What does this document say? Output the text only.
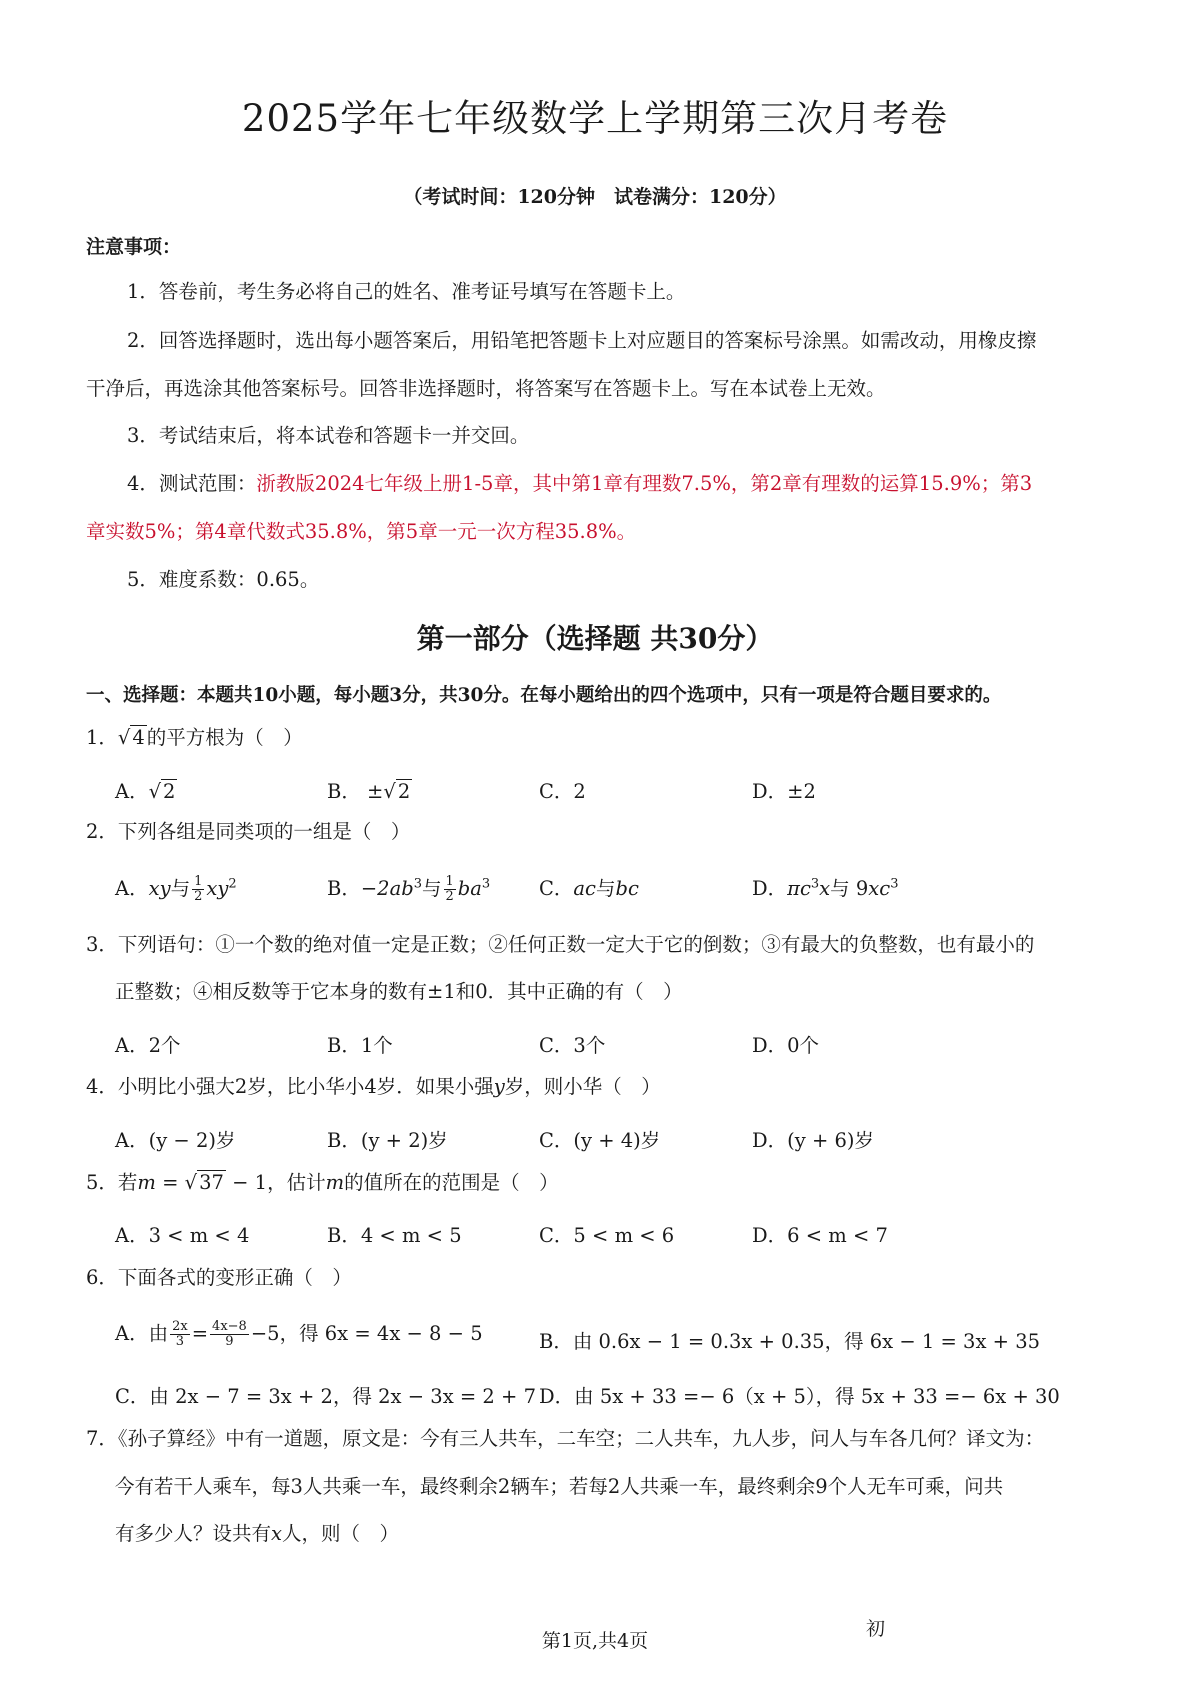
2025学年七年级数学上学期第三次月考卷
（考试时间：120分钟　试卷满分：120分）
注意事项：
1．答卷前，考生务必将自己的姓名、准考证号填写在答题卡上。
2．回答选择题时，选出每小题答案后，用铅笔把答题卡上对应题目的答案标号涂黑。如需改动，用橡皮擦
干净后，再选涂其他答案标号。回答非选择题时，将答案写在答题卡上。写在本试卷上无效。
3．考试结束后，将本试卷和答题卡一并交回。
4．测试范围：浙教版2024七年级上册1-5章，其中第1章有理数7.5%，第2章有理数的运算15.9%；第3
章实数5%；第4章代数式35.8%，第5章一元一次方程35.8%。
5．难度系数：0.65。
第一部分（选择题 共30分）
一、选择题：本题共10小题，每小题3分，共30分。在每小题给出的四个选项中，只有一项是符合题目要求的。
1．√ 4 的平方根为（　）
A．√ 2	B． ±√ 2	C．2	D．±2
2．下列各组是同类项的一组是（　）
A．xy与 $\frac{1}{2} xy^2$	B．$-2ab^3$与 $\frac{1}{2} ba^3$	C．ac与bc	D．$\pi c^3x$与 $9xc^3$
3．下列语句：①一个数的绝对值一定是正数；②任何正数一定大于它的倒数；③有最大的负整数，也有最小的
正整数；④相反数等于它本身的数有±1和0．其中正确的有（　）
A．2个	B．1个	C．3个	D．0个
4．小明比小强大2岁，比小华小4岁．如果小强y岁，则小华（　）
A．(y − 2)岁	B．(y + 2)岁	C．(y + 4)岁	D．(y + 6)岁
5．若m = √ 37 − 1，估计m的值所在的范围是（　）
A．3 < m < 4	B．4 < m < 5	C．5 < m < 6	D．6 < m < 7
6．下面各式的变形正确（　）
A．由 $\frac{2x}{3} = \frac{4x-8}{9} -5$，得 6x = 4x − 8 − 5	B．由 0.6x − 1 = 0.3x + 0.35，得 6x − 1 = 3x + 35
C．由 2x − 7 = 3x + 2，得 2x − 3x = 2 + 7 D．由 5x + 33 =− 6（x + 5），得 5x + 33 =− 6x + 30
7．《孙子算经》中有一道题，原文是：今有三人共车，二车空；二人共车，九人步，问人与车各几何？译文为：
今有若干人乘车，每3人共乘一车，最终剩余2辆车；若每2人共乘一车，最终剩余9个人无车可乘，问共
有多少人？设共有x人，则（　）
第1页,共4页
初
